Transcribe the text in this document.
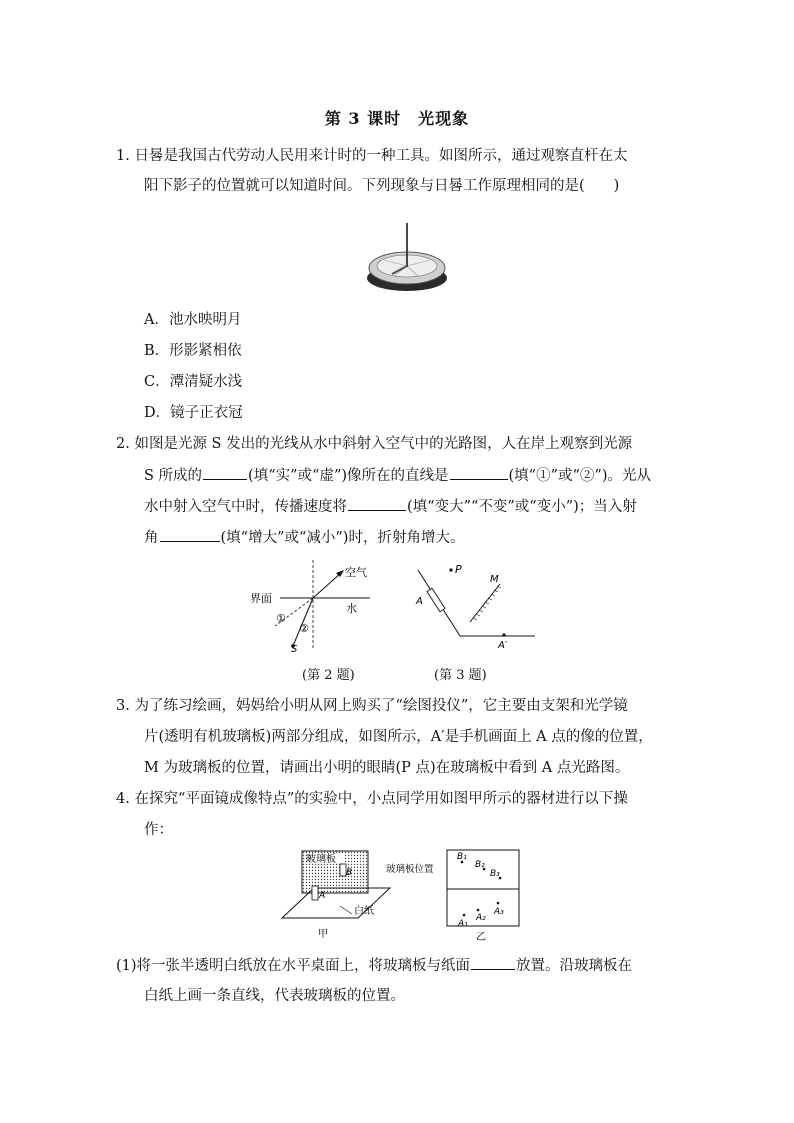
第 3 课时　光现象
1. 日晷是我国古代劳动人民用来计时的一种工具。如图所示，通过观察直杆在太
阳下影子的位置就可以知道时间。下列现象与日晷工作原理相同的是(　　)
A．池水映明月
B．形影紧相依
C．潭清疑水浅
D．镜子正衣冠
2. 如图是光源 S 发出的光线从水中斜射入空气中的光路图，人在岸上观察到光源
S 所成的	(填“实”或“虚”)像所在的直线是	(填“①”或“②”)。光从
水中射入空气中时，传播速度将	(填“变大”“不变”或“变小”)；当入射
角	(填“增大”或“减小”)时，折射角增大。
空气
界面
水
①
②
S
(第 2 题)
P
M
A
A′
(第 3 题)
3. 为了练习绘画，妈妈给小明从网上购买了“绘图投仪”，它主要由支架和光学镜
片(透明有机玻璃板)两部分组成，如图所示，A′是手机画面上 A 点的像的位置，
M 为玻璃板的位置，请画出小明的眼睛(P 点)在玻璃板中看到 A 点光路图。
4. 在探究“平面镜成像特点”的实验中，小点同学用如图甲所示的器材进行以下操
作：
玻璃板
B
A
白纸
甲
玻璃板位置
B₁
B₂
B₃
A₁
A₂
A₃
乙
(1)将一张半透明白纸放在水平桌面上，将玻璃板与纸面	放置。沿玻璃板在
白纸上画一条直线，代表玻璃板的位置。
